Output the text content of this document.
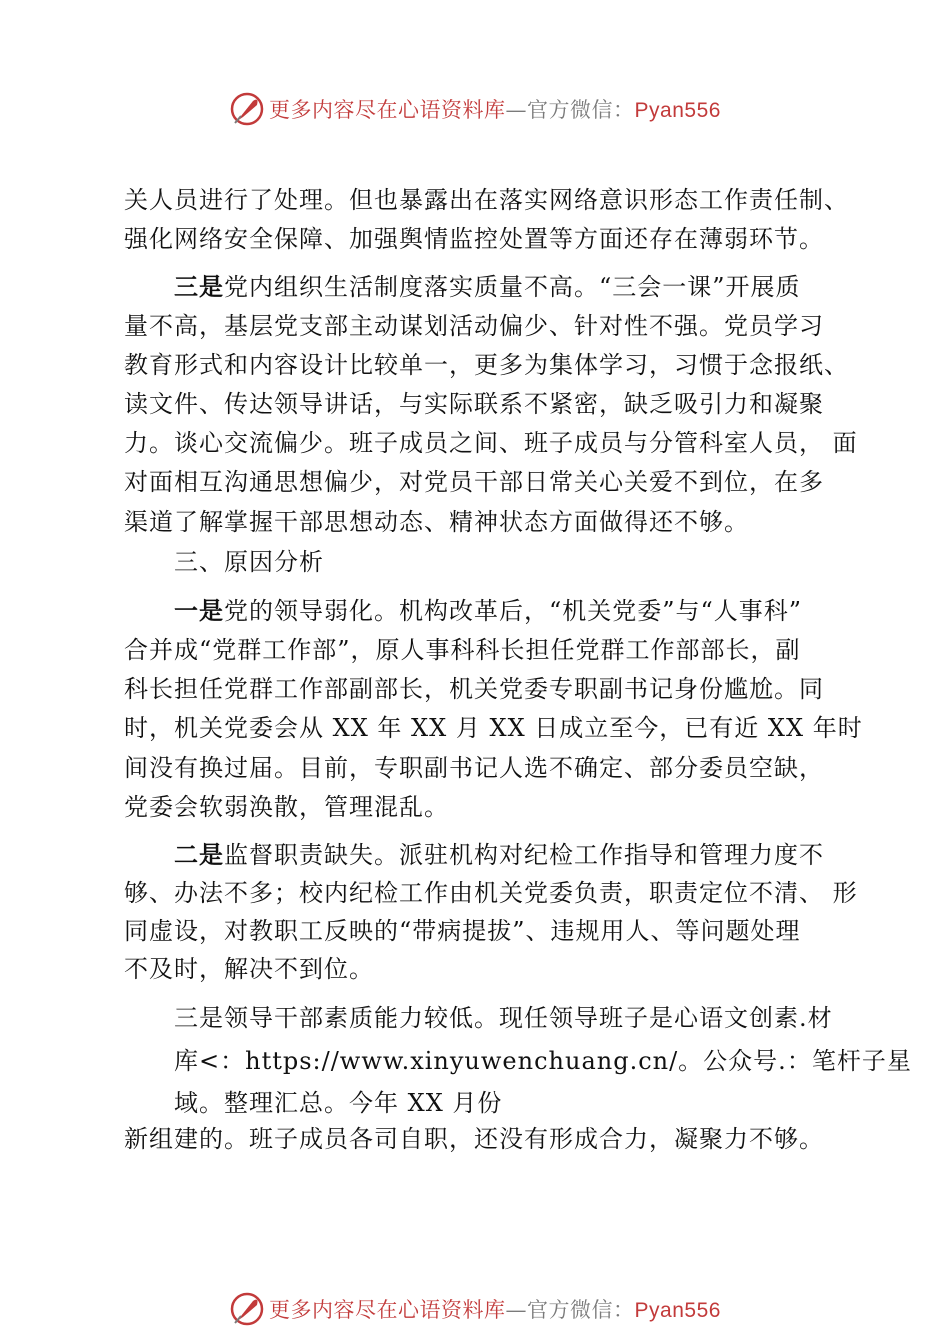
更多内容尽在心语资料库—官方微信：Pyan556
关人员进行了处理。但也暴露出在落实网络意识形态工作责任制、
强化网络安全保障、加强舆情监控处置等方面还存在薄弱环节。
三是党内组织生活制度落实质量不高。“三会一课”开展质
量不高，基层党支部主动谋划活动偏少、针对性不强。党员学习
教育形式和内容设计比较单一，更多为集体学习，习惯于念报纸、
读文件、传达领导讲话，与实际联系不紧密，缺乏吸引力和凝聚
力。谈心交流偏少。班子成员之间、班子成员与分管科室人员， 面
对面相互沟通思想偏少，对党员干部日常关心关爱不到位，在多
渠道了解掌握干部思想动态、精神状态方面做得还不够。
三、原因分析
一是党的领导弱化。机构改革后，“机关党委”与“人事科”
合并成“党群工作部”，原人事科科长担任党群工作部部长，副
科长担任党群工作部副部长，机关党委专职副书记身份尴尬。同
时，机关党委会从 XX 年 XX 月 XX 日成立至今，已有近 XX 年时
间没有换过届。目前，专职副书记人选不确定、部分委员空缺，
党委会软弱涣散，管理混乱。
二是监督职责缺失。派驻机构对纪检工作指导和管理力度不
够、办法不多；校内纪检工作由机关党委负责，职责定位不清、 形
同虚设，对教职工反映的“带病提拔”、违规用人、等问题处理
不及时，解决不到位。
三是领导干部素质能力较低。现任领导班子是心语文创素.材
库<：https://www.xinyuwenchuang.cn/。公众号.：笔杆子星
域。整理汇总。今年 XX 月份
新组建的。班子成员各司自职，还没有形成合力，凝聚力不够。
更多内容尽在心语资料库—官方微信：Pyan556
